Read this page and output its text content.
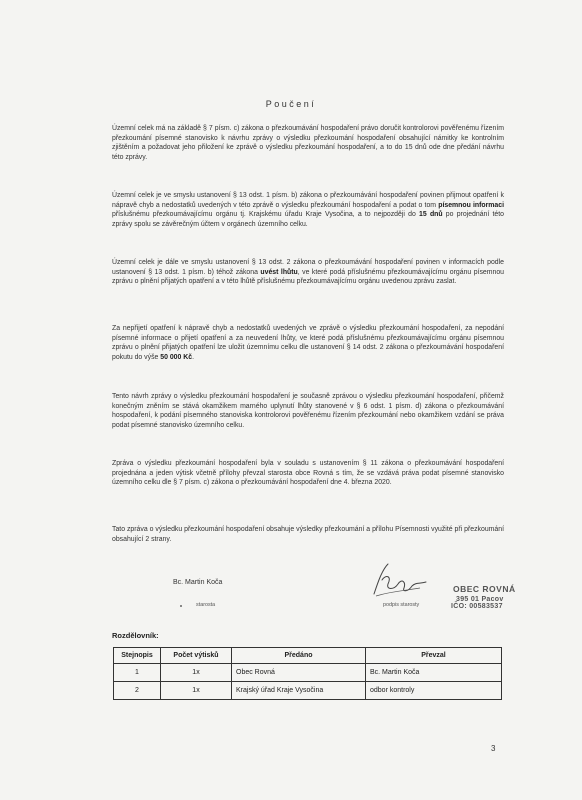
Poučení
Územní celek má na základě § 7 písm. c) zákona o přezkoumávání hospodaření právo doručit kontrolorovi pověřenému řízením přezkoumání písemné stanovisko k návrhu zprávy o výsledku přezkoumání hospodaření obsahující námitky ke kontrolním zjištěním a požadovat jeho přiložení ke zprávě o výsledku přezkoumání hospodaření, a to do 15 dnů ode dne předání návrhu této zprávy.
Územní celek je ve smyslu ustanovení § 13 odst. 1 písm. b) zákona o přezkoumávání hospodaření povinen přijmout opatření k nápravě chyb a nedostatků uvedených v této zprávě o výsledku přezkoumání hospodaření a podat o tom písemnou informaci příslušnému přezkoumávajícímu orgánu tj. Krajskému úřadu Kraje Vysočina, a to nejpozději do 15 dnů po projednání této zprávy spolu se závěrečným účtem v orgánech územního celku.
Územní celek je dále ve smyslu ustanovení § 13 odst. 2 zákona o přezkoumávání hospodaření povinen v informacích podle ustanovení § 13 odst. 1 písm. b) téhož zákona uvést lhůtu, ve které podá příslušnému přezkoumávajícímu orgánu písemnou zprávu o plnění přijatých opatření a v této lhůtě příslušnému přezkoumávajícímu orgánu uvedenou zprávu zaslat.
Za nepřijetí opatření k nápravě chyb a nedostatků uvedených ve zprávě o výsledku přezkoumání hospodaření, za nepodání písemné informace o přijetí opatření a za neuvedení lhůty, ve které podá příslušnému přezkoumávajícímu orgánu písemnou zprávu o plnění přijatých opatření lze uložit územnímu celku dle ustanovení § 14 odst. 2 zákona o přezkoumávání hospodaření pokutu do výše 50 000 Kč.
Tento návrh zprávy o výsledku přezkoumání hospodaření je současně zprávou o výsledku přezkoumání hospodaření, přičemž konečným zněním se stává okamžikem marného uplynutí lhůty stanovené v § 6 odst. 1 písm. d) zákona o přezkoumávání hospodaření, k podání písemného stanoviska kontrolorovi pověřenému řízením přezkoumání nebo okamžikem vzdání se práva podat písemné stanovisko územního celku.
Zpráva o výsledku přezkoumání hospodaření byla v souladu s ustanovením § 11 zákona o přezkoumávání hospodaření projednána a jeden výtisk včetně přílohy převzal starosta obce Rovná s tím, že se vzdává práva podat písemné stanovisko územního celku dle § 7 písm. c) zákona o přezkoumávání hospodaření dne 4. března 2020.
Tato zpráva o výsledku přezkoumání hospodaření obsahuje výsledky přezkoumání a přílohu Písemnosti využité při přezkoumání obsahující 2 strany.
Bc. Martin Koča
starosta	podpis starosty
OBEC ROVNÁ
395 01 Pacov
IČO: 00583537
Rozdělovník:
Stejnopis	Počet výtisků	Předáno	Převzal
1	1x	Obec Rovná	Bc. Martin Koča
2	1x	Krajský úřad Kraje Vysočina	odbor kontroly
3
